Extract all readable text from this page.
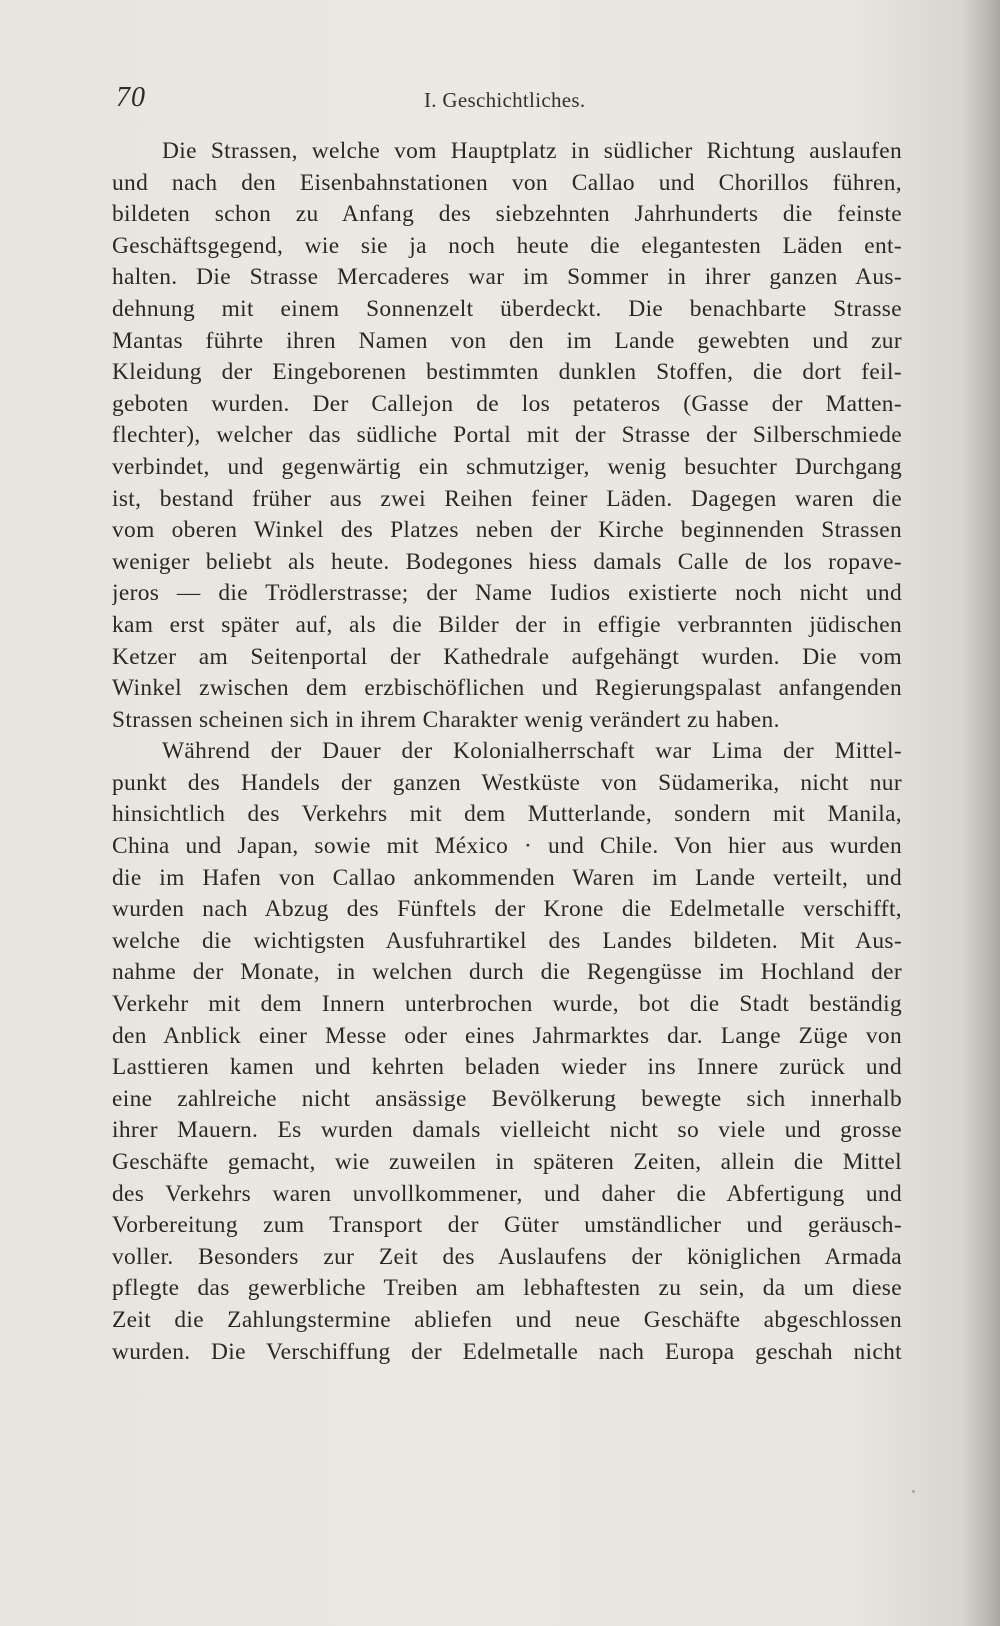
70	I. Geschichtliches.
Die Strassen, welche vom Hauptplatz in südlicher Richtung auslaufen
und nach den Eisenbahnstationen von Callao und Chorillos führen,
bildeten schon zu Anfang des siebzehnten Jahrhunderts die feinste
Geschäftsgegend, wie sie ja noch heute die elegantesten Läden ent-
halten. Die Strasse Mercaderes war im Sommer in ihrer ganzen Aus-
dehnung mit einem Sonnenzelt überdeckt. Die benachbarte Strasse
Mantas führte ihren Namen von den im Lande gewebten und zur
Kleidung der Eingeborenen bestimmten dunklen Stoffen, die dort feil-
geboten wurden. Der Callejon de los petateros (Gasse der Matten-
flechter), welcher das südliche Portal mit der Strasse der Silberschmiede
verbindet, und gegenwärtig ein schmutziger, wenig besuchter Durchgang
ist, bestand früher aus zwei Reihen feiner Läden. Dagegen waren die
vom oberen Winkel des Platzes neben der Kirche beginnenden Strassen
weniger beliebt als heute. Bodegones hiess damals Calle de los ropave-
jeros — die Trödlerstrasse; der Name Iudios existierte noch nicht und
kam erst später auf, als die Bilder der in effigie verbrannten jüdischen
Ketzer am Seitenportal der Kathedrale aufgehängt wurden. Die vom
Winkel zwischen dem erzbischöflichen und Regierungspalast anfangenden
Strassen scheinen sich in ihrem Charakter wenig verändert zu haben.
Während der Dauer der Kolonialherrschaft war Lima der Mittel-
punkt des Handels der ganzen Westküste von Südamerika, nicht nur
hinsichtlich des Verkehrs mit dem Mutterlande, sondern mit Manila,
China und Japan, sowie mit México · und Chile. Von hier aus wurden
die im Hafen von Callao ankommenden Waren im Lande verteilt, und
wurden nach Abzug des Fünftels der Krone die Edelmetalle verschifft,
welche die wichtigsten Ausfuhrartikel des Landes bildeten. Mit Aus-
nahme der Monate, in welchen durch die Regengüsse im Hochland der
Verkehr mit dem Innern unterbrochen wurde, bot die Stadt beständig
den Anblick einer Messe oder eines Jahrmarktes dar. Lange Züge von
Lasttieren kamen und kehrten beladen wieder ins Innere zurück und
eine zahlreiche nicht ansässige Bevölkerung bewegte sich innerhalb
ihrer Mauern. Es wurden damals vielleicht nicht so viele und grosse
Geschäfte gemacht, wie zuweilen in späteren Zeiten, allein die Mittel
des Verkehrs waren unvollkommener, und daher die Abfertigung und
Vorbereitung zum Transport der Güter umständlicher und geräusch-
voller. Besonders zur Zeit des Auslaufens der königlichen Armada
pflegte das gewerbliche Treiben am lebhaftesten zu sein, da um diese
Zeit die Zahlungstermine abliefen und neue Geschäfte abgeschlossen
wurden. Die Verschiffung der Edelmetalle nach Europa geschah nicht
